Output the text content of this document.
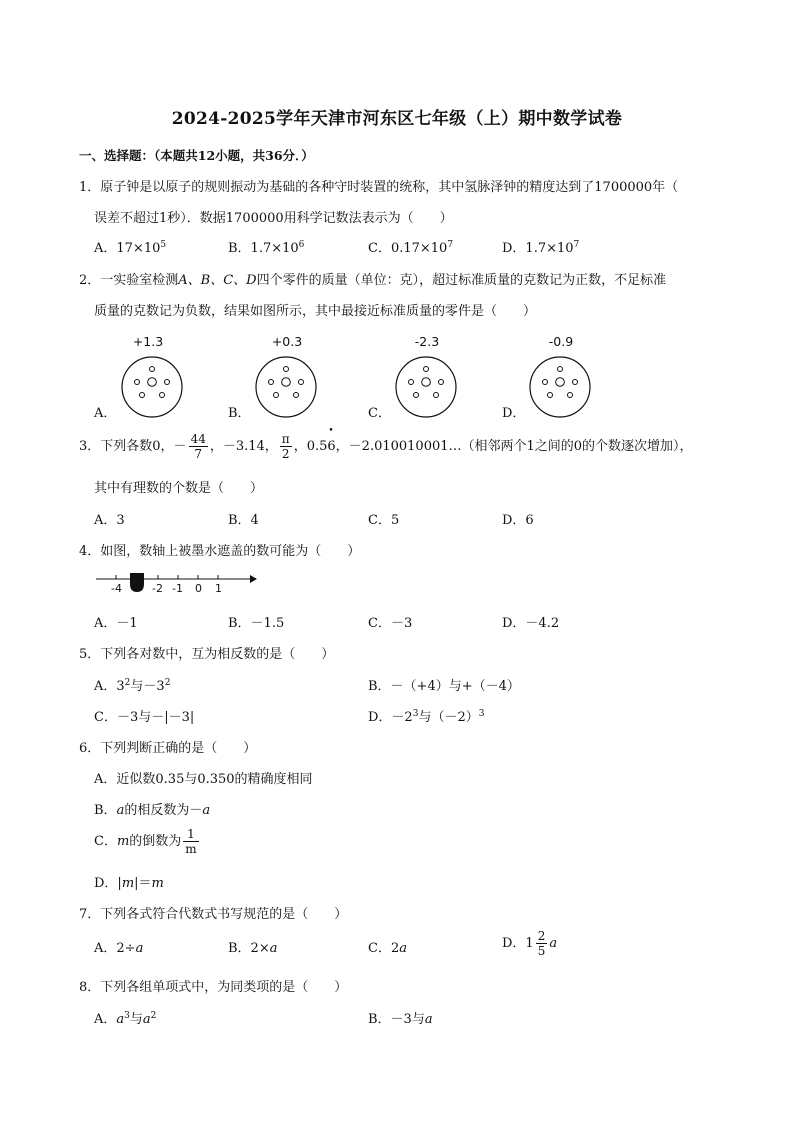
2024-2025学年天津市河东区七年级（上）期中数学试卷
一、选择题：（本题共12小题，共36分．）
1．原子钟是以原子的规则振动为基础的各种守时装置的统称，其中氢脉泽钟的精度达到了1700000年（
误差不超过1秒）．数据1700000用科学记数法表示为（　　）
A．$17\times 10^5$	B．$1.7\times 10^6$	C．$0.17\times 10^7$	D．$1.7\times 10^7$
2．一实验室检测A、B、C、D四个零件的质量（单位：克），超过标准质量的克数记为正数，不足标准
质量的克数记为负数，结果如图所示，其中最接近标准质量的零件是（　　）
+1.3	+0.3	-2.3	-0.9
A．	B．	C．	D．
3．下列各数0，－ $\frac{44}{7}$ ，－3.14， $\frac{\pi}{2}$ ，0.5• 6，－2.010010001…（相邻两个1之间的0的个数逐次增加），
其中有理数的个数是（　　）
A．3	B．4	C．5	D．6
4．如图，数轴上被墨水遮盖的数可能为（　　）
-4	-2 -1 0 1
A．－1	B．－1.5	C．－3	D．－4.2
5．下列各对数中，互为相反数的是（　　）
A．$3^2$与$-3^2$	B．－（+4）与+（－4）
C．－3与－|－3|	D．$-2^3$与$(-2)^3$
6．下列判断正确的是（　　）
A．近似数0.35与0.350的精确度相同
B．a的相反数为－a
C．m的倒数为 $\frac{1}{m}$
D．|m|＝m
7．下列各式符合代数式书写规范的是（　　）
A．2÷a	B．2×a	C．2a	D．$1 \frac{2}{5}$ a
8．下列各组单项式中，为同类项的是（　　）
A．$a^3$与$a^2$	B．－3与a
